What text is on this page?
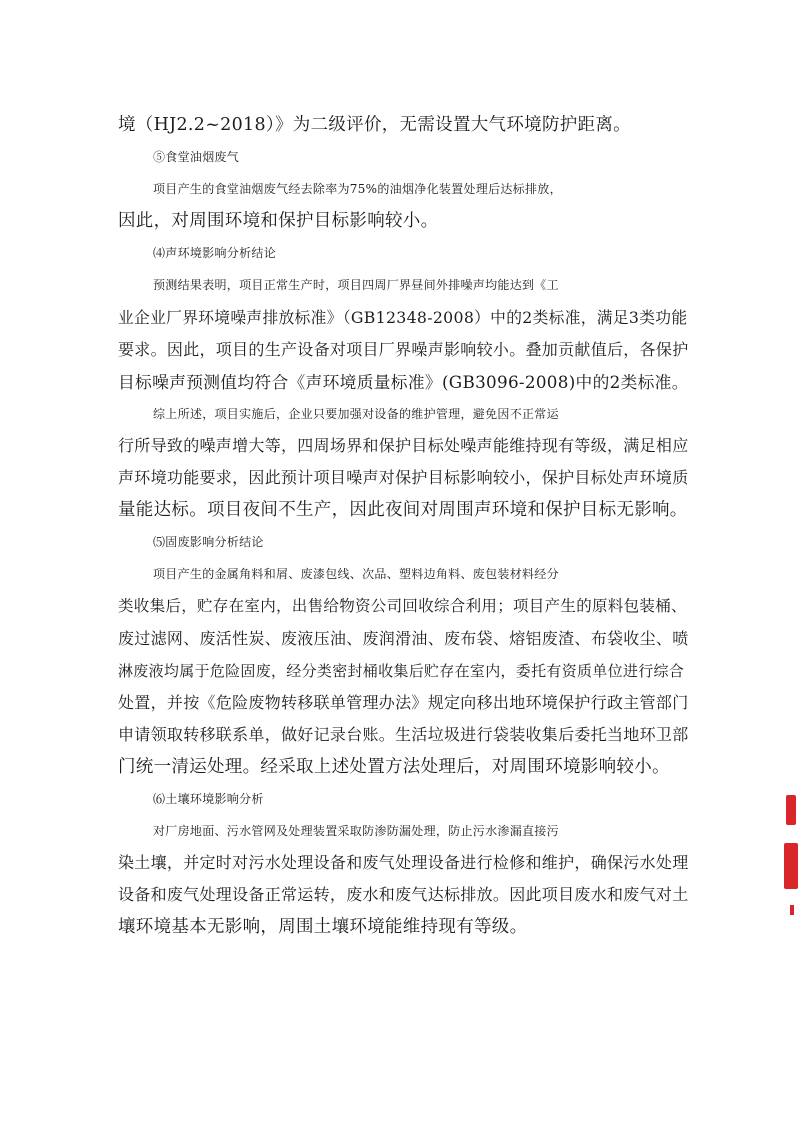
境（HJ2.2~2018）》为二级评价，无需设置大气环境防护距离。
⑤食堂油烟废气
项目产生的食堂油烟废气经去除率为75%的油烟净化装置处理后达标排放，
因此，对周围环境和保护目标影响较小。
⑷声环境影响分析结论
预测结果表明，项目正常生产时，项目四周厂界昼间外排噪声均能达到《工
业企业厂界环境噪声排放标准》（GB12348-2008）中的2类标准，满足3类功能
要求。因此，项目的生产设备对项目厂界噪声影响较小。叠加贡献值后，各保护
目标噪声预测值均符合《声环境质量标准》(GB3096-2008)中的2类标准。
综上所述，项目实施后，企业只要加强对设备的维护管理，避免因不正常运
行所导致的噪声增大等，四周场界和保护目标处噪声能维持现有等级，满足相应
声环境功能要求，因此预计项目噪声对保护目标影响较小，保护目标处声环境质
量能达标。项目夜间不生产，因此夜间对周围声环境和保护目标无影响。
⑸固废影响分析结论
项目产生的金属角料和屑、废漆包线、次品、塑料边角料、废包装材料经分
类收集后，贮存在室内，出售给物资公司回收综合利用；项目产生的原料包装桶、
废过滤网、废活性炭、废液压油、废润滑油、废布袋、熔铝废渣、布袋收尘、喷
淋废液均属于危险固废，经分类密封桶收集后贮存在室内，委托有资质单位进行综合
处置，并按《危险废物转移联单管理办法》规定向移出地环境保护行政主管部门
申请领取转移联系单，做好记录台账。生活垃圾进行袋装收集后委托当地环卫部
门统一清运处理。经采取上述处置方法处理后，对周围环境影响较小。
⑹土壤环境影响分析
对厂房地面、污水管网及处理装置采取防渗防漏处理，防止污水渗漏直接污
染土壤，并定时对污水处理设备和废气处理设备进行检修和维护，确保污水处理
设备和废气处理设备正常运转，废水和废气达标排放。因此项目废水和废气对土
壤环境基本无影响，周围土壤环境能维持现有等级。
